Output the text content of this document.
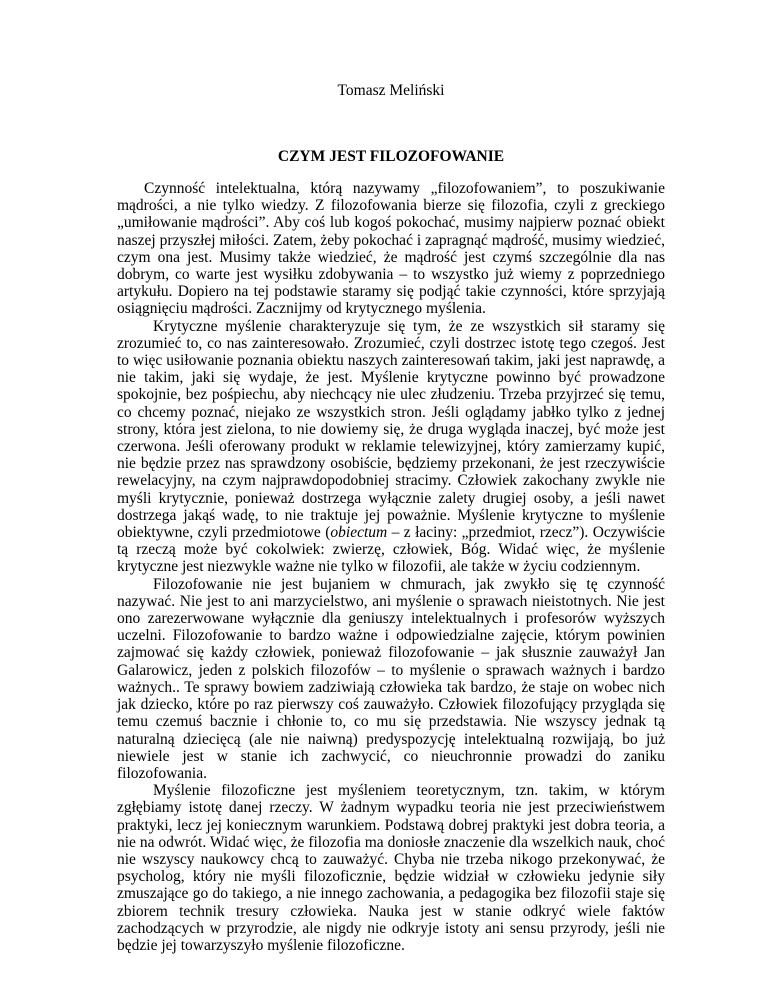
Tomasz Meliński
CZYM JEST FILOZOFOWANIE

Czynność intelektualna, którą nazywamy „filozofowaniem”, to poszukiwanie mądrości, a nie tylko wiedzy. Z filozofowania bierze się filozofia, czyli z greckiego „umiłowanie mądrości”. Aby coś lub kogoś pokochać, musimy najpierw poznać obiekt naszej przyszłej miłości. Zatem, żeby pokochać i zapragnąć mądrość, musimy wiedzieć, czym ona jest. Musimy także wiedzieć, że mądrość jest czymś szczególnie dla nas dobrym, co warte jest wysiłku zdobywania – to wszystko już wiemy z poprzedniego artykułu. Dopiero na tej podstawie staramy się podjąć takie czynności, które sprzyjają osiągnięciu mądrości. Zacznijmy od krytycznego myślenia.

Krytyczne myślenie charakteryzuje się tym, że ze wszystkich sił staramy się zrozumieć to, co nas zainteresowało. Zrozumieć, czyli dostrzec istotę tego czegoś. Jest to więc usiłowanie poznania obiektu naszych zainteresowań takim, jaki jest naprawdę, a nie takim, jaki się wydaje, że jest. Myślenie krytyczne powinno być prowadzone spokojnie, bez pośpiechu, aby niechcący nie ulec złudzeniu. Trzeba przyjrzeć się temu, co chcemy poznać, niejako ze wszystkich stron. Jeśli oglądamy jabłko tylko z jednej strony, która jest zielona, to nie dowiemy się, że druga wygląda inaczej, być może jest czerwona. Jeśli oferowany produkt w reklamie telewizyjnej, który zamierzamy kupić, nie będzie przez nas sprawdzony osobiście, będziemy przekonani, że jest rzeczywiście rewelacyjny, na czym najprawdopodobniej stracimy. Człowiek zakochany zwykle nie myśli krytycznie, ponieważ dostrzega wyłącznie zalety drugiej osoby, a jeśli nawet dostrzega jakąś wadę, to nie traktuje jej poważnie. Myślenie krytyczne to myślenie obiektywne, czyli przedmiotowe (obiectum – z łaciny: „przedmiot, rzecz”). Oczywiście tą rzeczą może być cokolwiek: zwierzę, człowiek, Bóg. Widać więc, że myślenie krytyczne jest niezwykle ważne nie tylko w filozofii, ale także w życiu codziennym.

Filozofowanie nie jest bujaniem w chmurach, jak zwykło się tę czynność nazywać. Nie jest to ani marzycielstwo, ani myślenie o sprawach nieistotnych. Nie jest ono zarezerwowane wyłącznie dla geniuszy intelektualnych i profesorów wyższych uczelni. Filozofowanie to bardzo ważne i odpowiedzialne zajęcie, którym powinien zajmować się każdy człowiek, ponieważ filozofowanie – jak słusznie zauważył Jan Galarowicz, jeden z polskich filozofów – to myślenie o sprawach ważnych i bardzo ważnych.. Te sprawy bowiem zadziwiają człowieka tak bardzo, że staje on wobec nich jak dziecko, które po raz pierwszy coś zauważyło. Człowiek filozofujący przygląda się temu czemuś bacznie i chłonie to, co mu się przedstawia. Nie wszyscy jednak tą naturalną dziecięcą (ale nie naiwną) predyspozycję intelektualną rozwijają, bo już niewiele jest w stanie ich zachwycić, co nieuchronnie prowadzi do zaniku filozofowania.

Myślenie filozoficzne jest myśleniem teoretycznym, tzn. takim, w którym zgłębiamy istotę danej rzeczy. W żadnym wypadku teoria nie jest przeciwieństwem praktyki, lecz jej koniecznym warunkiem. Podstawą dobrej praktyki jest dobra teoria, a nie na odwrót. Widać więc, że filozofia ma doniosłe znaczenie dla wszelkich nauk, choć nie wszyscy naukowcy chcą to zauważyć. Chyba nie trzeba nikogo przekonywać, że psycholog, który nie myśli filozoficznie, będzie widział w człowieku jedynie siły zmuszające go do takiego, a nie innego zachowania, a pedagogika bez filozofii staje się zbiorem technik tresury człowieka. Nauka jest w stanie odkryć wiele faktów zachodzących w przyrodzie, ale nigdy nie odkryje istoty ani sensu przyrody, jeśli nie będzie jej towarzyszyło myślenie filozoficzne.
